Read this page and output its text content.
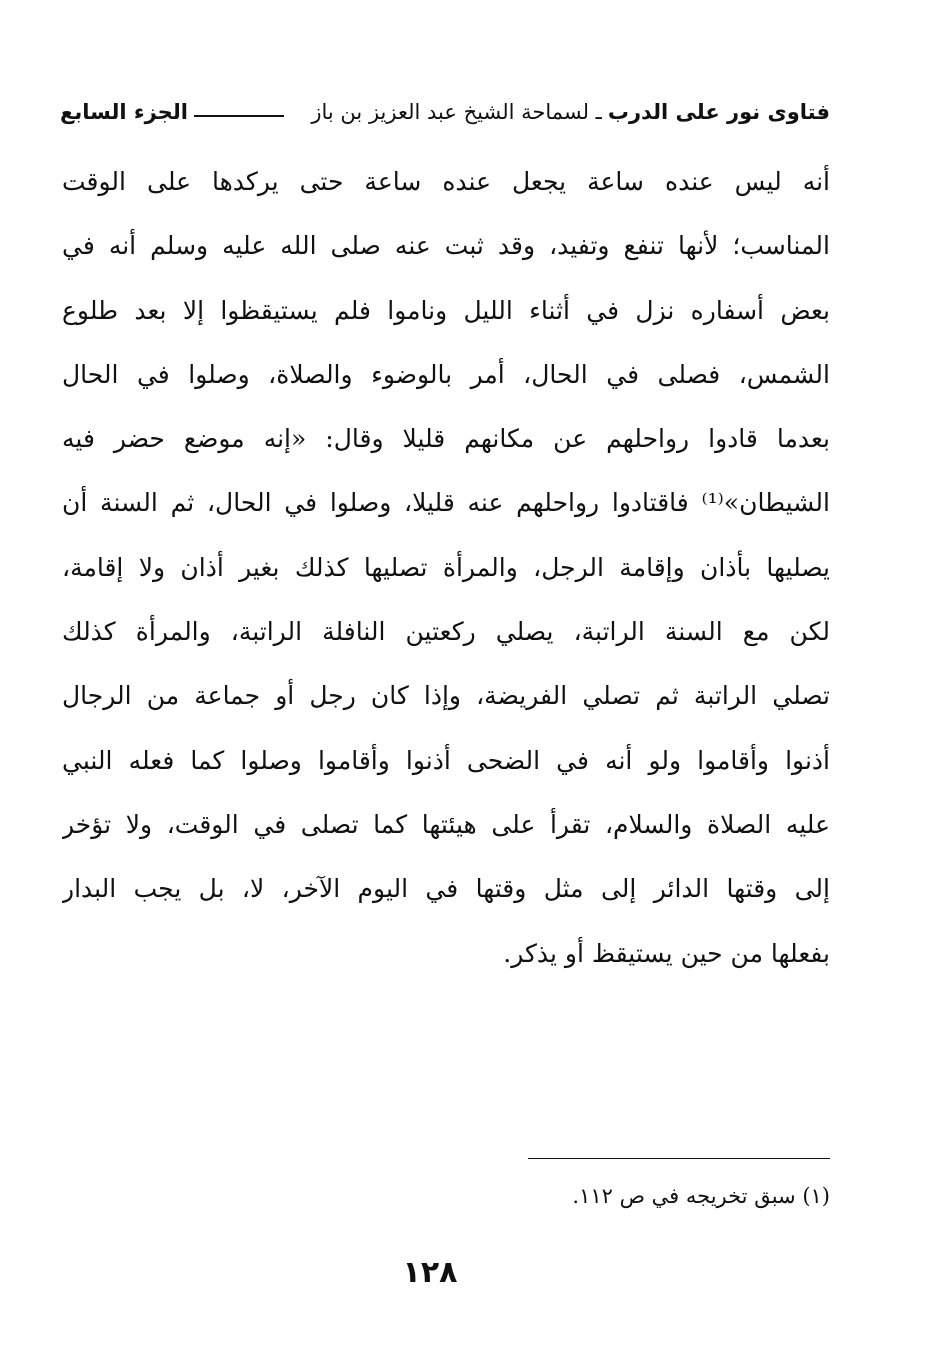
فتاوى نور على الدرب
ـ لسماحة الشيخ عبد العزيز بن باز
الجزء السابع
أنه ليس عنده ساعة يجعل عنده ساعة حتى يركدها على الوقت
المناسب؛ لأنها تنفع وتفيد، وقد ثبت عنه صلى الله عليه وسلم أنه في
بعض أسفاره نزل في أثناء الليل وناموا فلم يستيقظوا إلا بعد طلوع
الشمس، فصلى في الحال، أمر بالوضوء والصلاة، وصلوا في الحال
بعدما قادوا رواحلهم عن مكانهم قليلا وقال: «إنه موضع حضر فيه
الشيطان»⁽¹⁾ فاقتادوا رواحلهم عنه قليلا، وصلوا في الحال، ثم السنة أن
يصليها بأذان وإقامة الرجل، والمرأة تصليها كذلك بغير أذان ولا إقامة،
لكن مع السنة الراتبة، يصلي ركعتين النافلة الراتبة، والمرأة كذلك
تصلي الراتبة ثم تصلي الفريضة، وإذا كان رجل أو جماعة من الرجال
أذنوا وأقاموا ولو أنه في الضحى أذنوا وأقاموا وصلوا كما فعله النبي
عليه الصلاة والسلام، تقرأ على هيئتها كما تصلى في الوقت، ولا تؤخر
إلى وقتها الدائر إلى مثل وقتها في اليوم الآخر، لا، بل يجب البدار
بفعلها من حين يستيقظ أو يذكر.
(١) سبق تخريجه في ص ١١٢.
١٢٨
